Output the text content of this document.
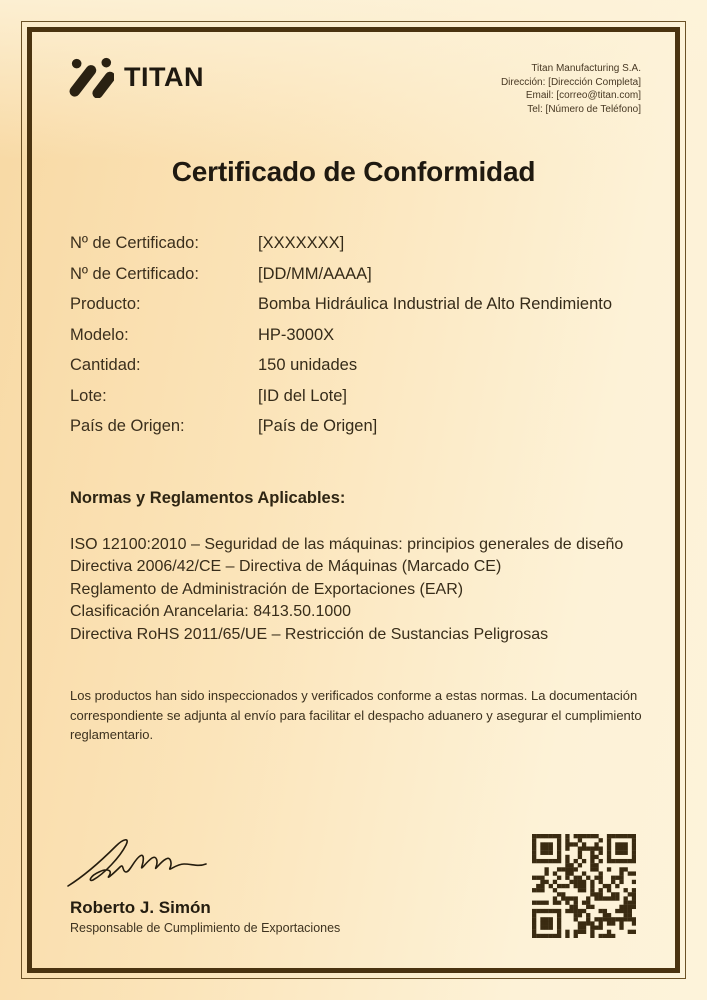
TITAN	Titan Manufacturing S.A.
Dirección: [Dirección Completa]
Email: [correo@titan.com]
Tel: [Número de Teléfono]
Certificado de Conformidad
Nº de Certificado:	[XXXXXXX]
Nº de Certificado:	[DD/MM/AAAA]
Producto:	Bomba Hidráulica Industrial de Alto Rendimiento
Modelo:	HP-3000X
Cantidad:	150 unidades
Lote:	[ID del Lote]
País de Origen:	[País de Origen]
Normas y Reglamentos Aplicables:
ISO 12100:2010 – Seguridad de las máquinas: principios generales de diseño
Directiva 2006/42/CE – Directiva de Máquinas (Marcado CE)
Reglamento de Administración de Exportaciones (EAR)
Clasificación Arancelaria: 8413.50.1000
Directiva RoHS 2011/65/UE – Restricción de Sustancias Peligrosas
Los productos han sido inspeccionados y verificados conforme a estas normas. La documentación correspondiente se adjunta al envío para facilitar el despacho aduanero y asegurar el cumplimiento reglamentario.
Roberto J. Simón
Responsable de Cumplimiento de Exportaciones
